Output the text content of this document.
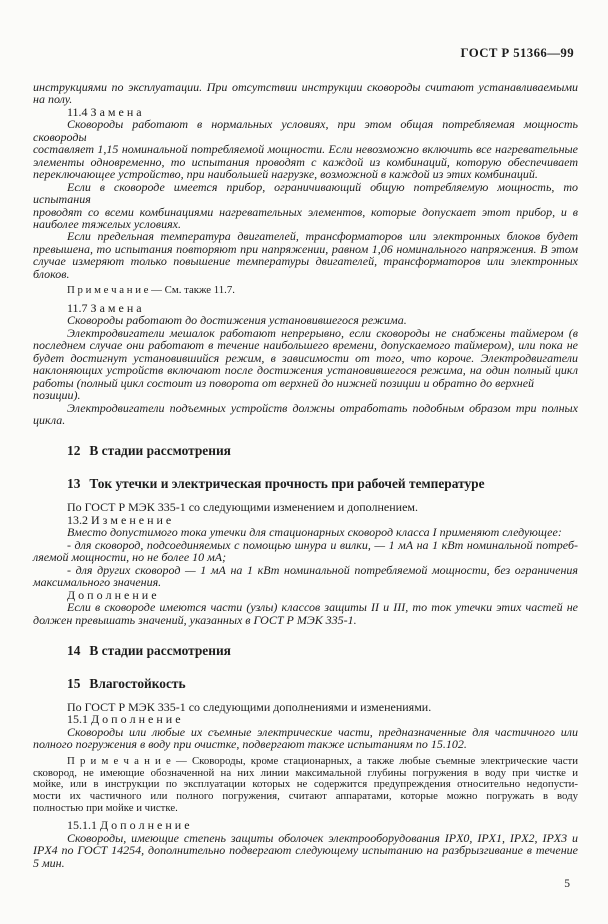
ГОСТ Р 51366—99
инструкциями по эксплуатации. При отсутствии инструкции сковороды считают устанавливаемыми
на полу.
11.4 З а м е н а
Сковороды работают в нормальных условиях, при этом общая потребляемая мощность сковороды
составляет 1,15 номинальной потребляемой мощности. Если невозможно включить все нагревательные
элементы одновременно, то испытания проводят с каждой из комбинаций, которую обеспечивает
переключающее устройство, при наибольшей нагрузке, возможной в каждой из этих комбинаций.
Если в сковороде имеется прибор, ограничивающий общую потребляемую мощность, то испытания
проводят со всеми комбинациями нагревательных элементов, которые допускает этот прибор, и в
наиболее тяжелых условиях.
Если предельная температура двигателей, трансформаторов или электронных блоков будет
превышена, то испытания повторяют при напряжении, равном 1,06 номинального напряжения. В этом
случае измеряют только повышение температуры двигателей, трансформаторов или электронных
блоков.
П р и м е ч а н и е — См. также 11.7.
11.7 З а м е н а
Сковороды работают до достижения установившегося режима.
Электродвигатели мешалок работают непрерывно, если сковороды не снабжены таймером (в
последнем случае они работают в течение наибольшего времени, допускаемого таймером), или пока не
будет достигнут установившийся режим, в зависимости от того, что короче. Электродвигатели
наклоняющих устройств включают после достижения установившегося режима, на один полный цикл
работы (полный цикл состоит из поворота от верхней до нижней позиции и обратно до верхней позиции).
Электродвигатели подъемных устройств должны отработать подобным образом три полных
цикла.
12 В стадии рассмотрения
13 Ток утечки и электрическая прочность при рабочей температуре
По ГОСТ Р МЭК 335-1 со следующими изменением и дополнением.
13.2 И з м е н е н и е
Вместо допустимого тока утечки для стационарных сковород класса I применяют следующее:
- для сковород, подсоединяемых с помощью шнура и вилки, — 1 мА на 1 кВт номинальной потреб-
ляемой мощности, но не более 10 мА;
- для других сковород — 1 мА на 1 кВт номинальной потребляемой мощности, без ограничения
максимального значения.
Д о п о л н е н и е
Если в сковороде имеются части (узлы) классов защиты II и III, то ток утечки этих частей не
должен превышать значений, указанных в ГОСТ Р МЭК 335-1.
14 В стадии рассмотрения
15 Влагостойкость
По ГОСТ Р МЭК 335-1 со следующими дополнениями и изменениями.
15.1 Д о п о л н е н и е
Сковороды или любые их съемные электрические части, предназначенные для частичного или
полного погружения в воду при очистке, подвергают также испытаниям по 15.102.
П р и м е ч а н и е — Сковороды, кроме стационарных, а также любые съемные электрические части
сковород, не имеющие обозначенной на них линии максимальной глубины погружения в воду при чистке и
мойке, или в инструкции по эксплуатации которых не содержится предупреждения относительно недопусти-
мости их частичного или полного погружения, считают аппаратами, которые можно погружать в воду
полностью при мойке и чистке.
15.1.1 Д о п о л н е н и е
Сковороды, имеющие степень защиты оболочек электрооборудования IPX0, IPX1, IPX2, IPX3 и
IPX4 по ГОСТ 14254, дополнительно подвергают следующему испытанию на разбрызгивание в течение
5 мин.
5
